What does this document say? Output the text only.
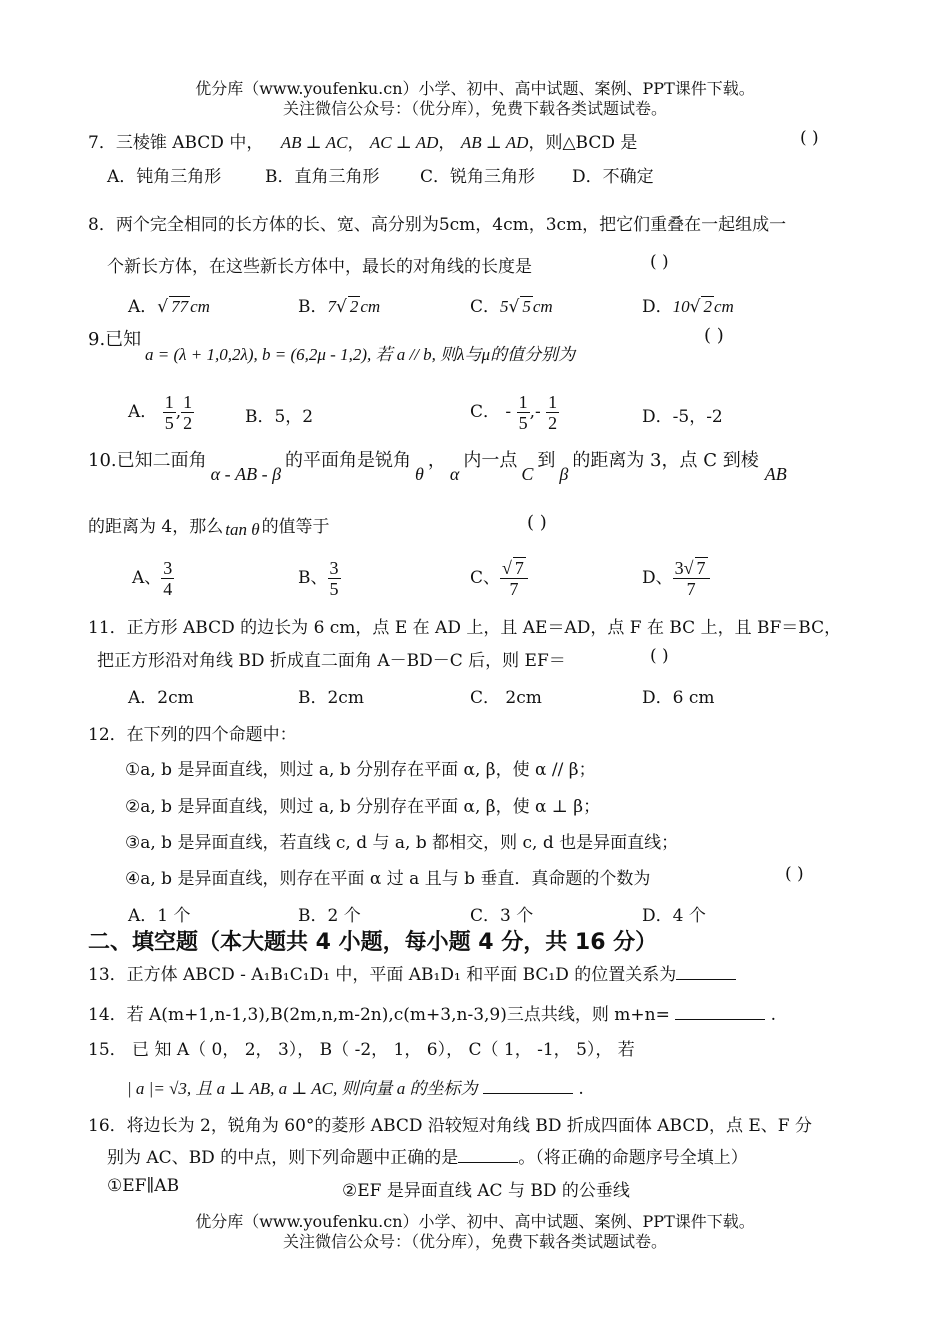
优分库（www.youfenku.cn）小学、初中、高中试题、案例、PPT课件下载。
关注微信公众号：（优分库），免费下载各类试题试卷。
7．三棱锥 ABCD 中， AB ⊥ AC， AC ⊥ AD， AB ⊥ AD，则△BCD 是	( )
A．钝角三角形	B．直角三角形 C．锐角三角形 D．不确定
8．两个完全相同的长方体的长、宽、高分别为5cm，4cm，3cm，把它们重叠在一起组成一
个新长方体，在这些新长方体中，最长的对角线的长度是	( )
A．√ 77 cm	B．7√ 2 cm	C．5√ 5 cm	D．10√ 2 cm
9.已知
a = (λ + 1,0,2λ), b = (6,2μ - 1,2), 若 a // b, 则λ与μ的值分别为
( )
A． $\frac{1}{5}$ , $\frac{1}{2}$	B．5，2	C． - $\frac{1}{5}$ ,- $\frac{1}{2}$	D．-5，-2
10.已知二面角α - AB - β的平面角是锐角θ，α内一点C到β的距离为 3，点 C 到棱AB
的距离为 4，那么 tan θ 的值等于	( )
A、 $\frac{3}{4}$	B、 $\frac{3}{5}$	C、 $\frac{√ 7}{7}$	D、 $\frac{3√ 7}{7}$
11．正方形 ABCD 的边长为 6 cm，点 E 在 AD 上，且 AE＝AD，点 F 在 BC 上，且 BF＝BC，
把正方形沿对角线 BD 折成直二面角 A－BD－C 后，则 EF＝	( )
A．2cm	B．2cm	C． 2cm	D．6 cm
12．在下列的四个命题中：
①a, b 是异面直线，则过 a, b 分别存在平面 α, β，使 α // β；
②a, b 是异面直线，则过 a, b 分别存在平面 α, β，使 α ⊥ β；
③a, b 是异面直线，若直线 c, d 与 a, b 都相交，则 c, d 也是异面直线；
④a, b 是异面直线，则存在平面 α 过 a 且与 b 垂直．真命题的个数为	( )
A．1 个	B．2 个	C．3 个	D．4 个
二、填空题（本大题共 4 小题，每小题 4 分，共 16 分）
13．正方体 ABCD - A₁B₁C₁D₁ 中，平面 AB₁D₁ 和平面 BC₁D 的位置关系为
14．若 A(m+1,n-1,3),B(2m,n,m-2n),c(m+3,n-3,9)三点共线，则 m+n=	.
15． 已 知 A（ 0， 2， 3）， B（ -2， 1， 6）， C（ 1， -1， 5）， 若
| a |= √3, 且 a ⊥ AB, a ⊥ AC, 则向量 a 的坐标为	.
16．将边长为 2，锐角为 60°的菱形 ABCD 沿较短对角线 BD 折成四面体 ABCD，点 E、F 分
别为 AC、BD 的中点，则下列命题中正确的是	。（将正确的命题序号全填上）
①EF∥AB	②EF 是异面直线 AC 与 BD 的公垂线
优分库（www.youfenku.cn）小学、初中、高中试题、案例、PPT课件下载。
关注微信公众号：（优分库），免费下载各类试题试卷。
